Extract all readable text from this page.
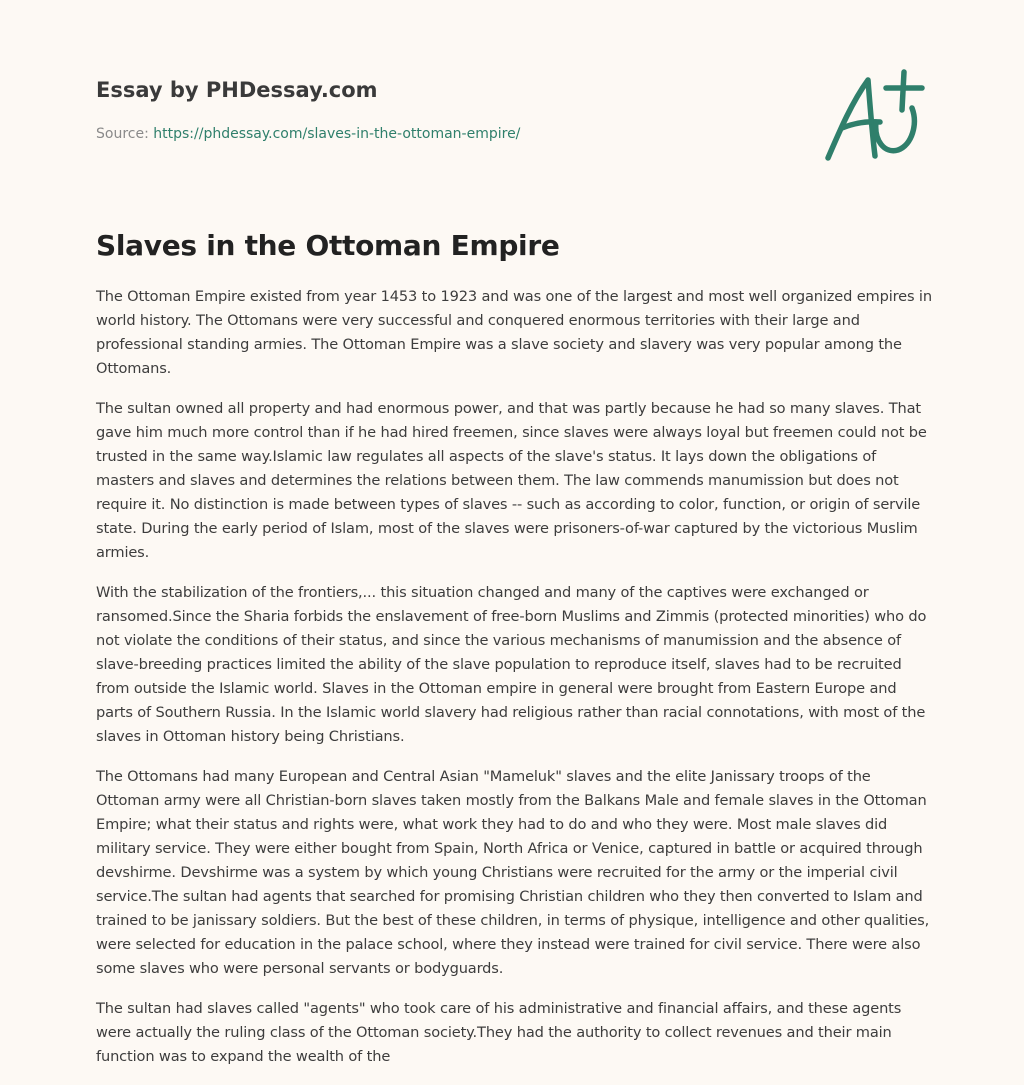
Essay by PHDessay.com
Source: https://phdessay.com/slaves-in-the-ottoman-empire/
Slaves in the Ottoman Empire

The Ottoman Empire existed from year 1453 to 1923 and was one of the largest and most well organized empires in world history. The Ottomans were very successful and conquered enormous territories with their large and professional standing armies. The Ottoman Empire was a slave society and slavery was very popular among the Ottomans.

The sultan owned all property and had enormous power, and that was partly because he had so many slaves. That gave him much more control than if he had hired freemen, since slaves were always loyal but freemen could not be trusted in the same way.Islamic law regulates all aspects of the slave's status. It lays down the obligations of masters and slaves and determines the relations between them. The law commends manumission but does not require it. No distinction is made between types of slaves -- such as according to color, function, or origin of servile state. During the early period of Islam, most of the slaves were prisoners-of-war captured by the victorious Muslim armies.

With the stabilization of the frontiers,... this situation changed and many of the captives were exchanged or ransomed.Since the Sharia forbids the enslavement of free-born Muslims and Zimmis (protected minorities) who do not violate the conditions of their status, and since the various mechanisms of manumission and the absence of slave-breeding practices limited the ability of the slave population to reproduce itself, slaves had to be recruited from outside the Islamic world. Slaves in the Ottoman empire in general were brought from Eastern Europe and parts of Southern Russia. In the Islamic world slavery had religious rather than racial connotations, with most of the slaves in Ottoman history being Christians.

The Ottomans had many European and Central Asian "Mameluk" slaves and the elite Janissary troops of the Ottoman army were all Christian-born slaves taken mostly from the Balkans Male and female slaves in the Ottoman Empire; what their status and rights were, what work they had to do and who they were. Most male slaves did military service. They were either bought from Spain, North Africa or Venice, captured in battle or acquired through devshirme. Devshirme was a system by which young Christians were recruited for the army or the imperial civil service.The sultan had agents that searched for promising Christian children who they then converted to Islam and trained to be janissary soldiers. But the best of these children, in terms of physique, intelligence and other qualities, were selected for education in the palace school, where they instead were trained for civil service. There were also some slaves who were personal servants or bodyguards.

The sultan had slaves called "agents" who took care of his administrative and financial affairs, and these agents were actually the ruling class of the Ottoman society.They had the authority to collect revenues and their main function was to expand the wealth of the
